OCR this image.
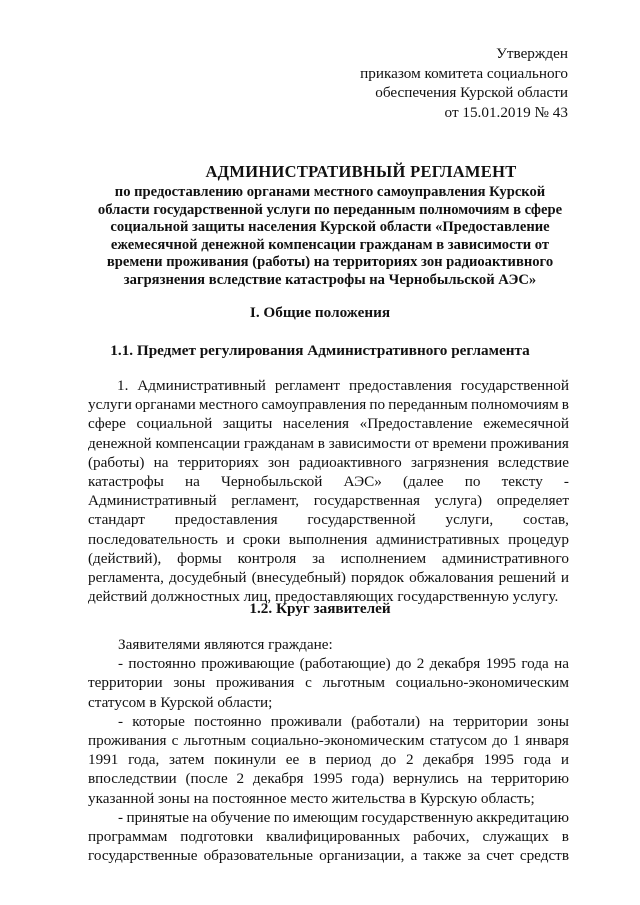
Утвержден
приказом комитета социального
обеспечения Курской области
от 15.01.2019 № 43
АДМИНИСТРАТИВНЫЙ РЕГЛАМЕНТ
по предоставлению органами местного самоуправления Курской
области государственной услуги по переданным полномочиям в сфере
социальной защиты населения Курской области «Предоставление
ежемесячной денежной компенсации гражданам в зависимости от
времени проживания (работы) на территориях зон радиоактивного
загрязнения вследствие катастрофы на Чернобыльской АЭС»
I. Общие положения
1.1. Предмет регулирования Административного регламента
1. Административный регламент предоставления государственной
услуги органами местного самоуправления по переданным полномочиям в
сфере социальной защиты населения «Предоставление ежемесячной
денежной компенсации гражданам в зависимости от времени проживания
(работы) на территориях зон радиоактивного загрязнения вследствие
катастрофы на Чернобыльской АЭС» (далее по тексту -
Административный регламент, государственная услуга) определяет
стандарт предоставления государственной услуги, состав,
последовательность и сроки выполнения административных процедур
(действий), формы контроля за исполнением административного
регламента, досудебный (внесудебный) порядок обжалования решений и
действий должностных лиц, предоставляющих государственную услугу.
1.2. Круг заявителей
Заявителями являются граждане:
- постоянно проживающие (работающие) до 2 декабря 1995 года на
территории зоны проживания с льготным социально-экономическим
статусом в Курской области;
- которые постоянно проживали (работали) на территории зоны
проживания с льготным социально-экономическим статусом до 1 января
1991 года, затем покинули ее в период до 2 декабря 1995 года и
впоследствии (после 2 декабря 1995 года) вернулись на территорию
указанной зоны на постоянное место жительства в Курскую область;
- принятые на обучение по имеющим государственную аккредитацию
программам подготовки квалифицированных рабочих, служащих в
государственные образовательные организации, а также за счет средств
